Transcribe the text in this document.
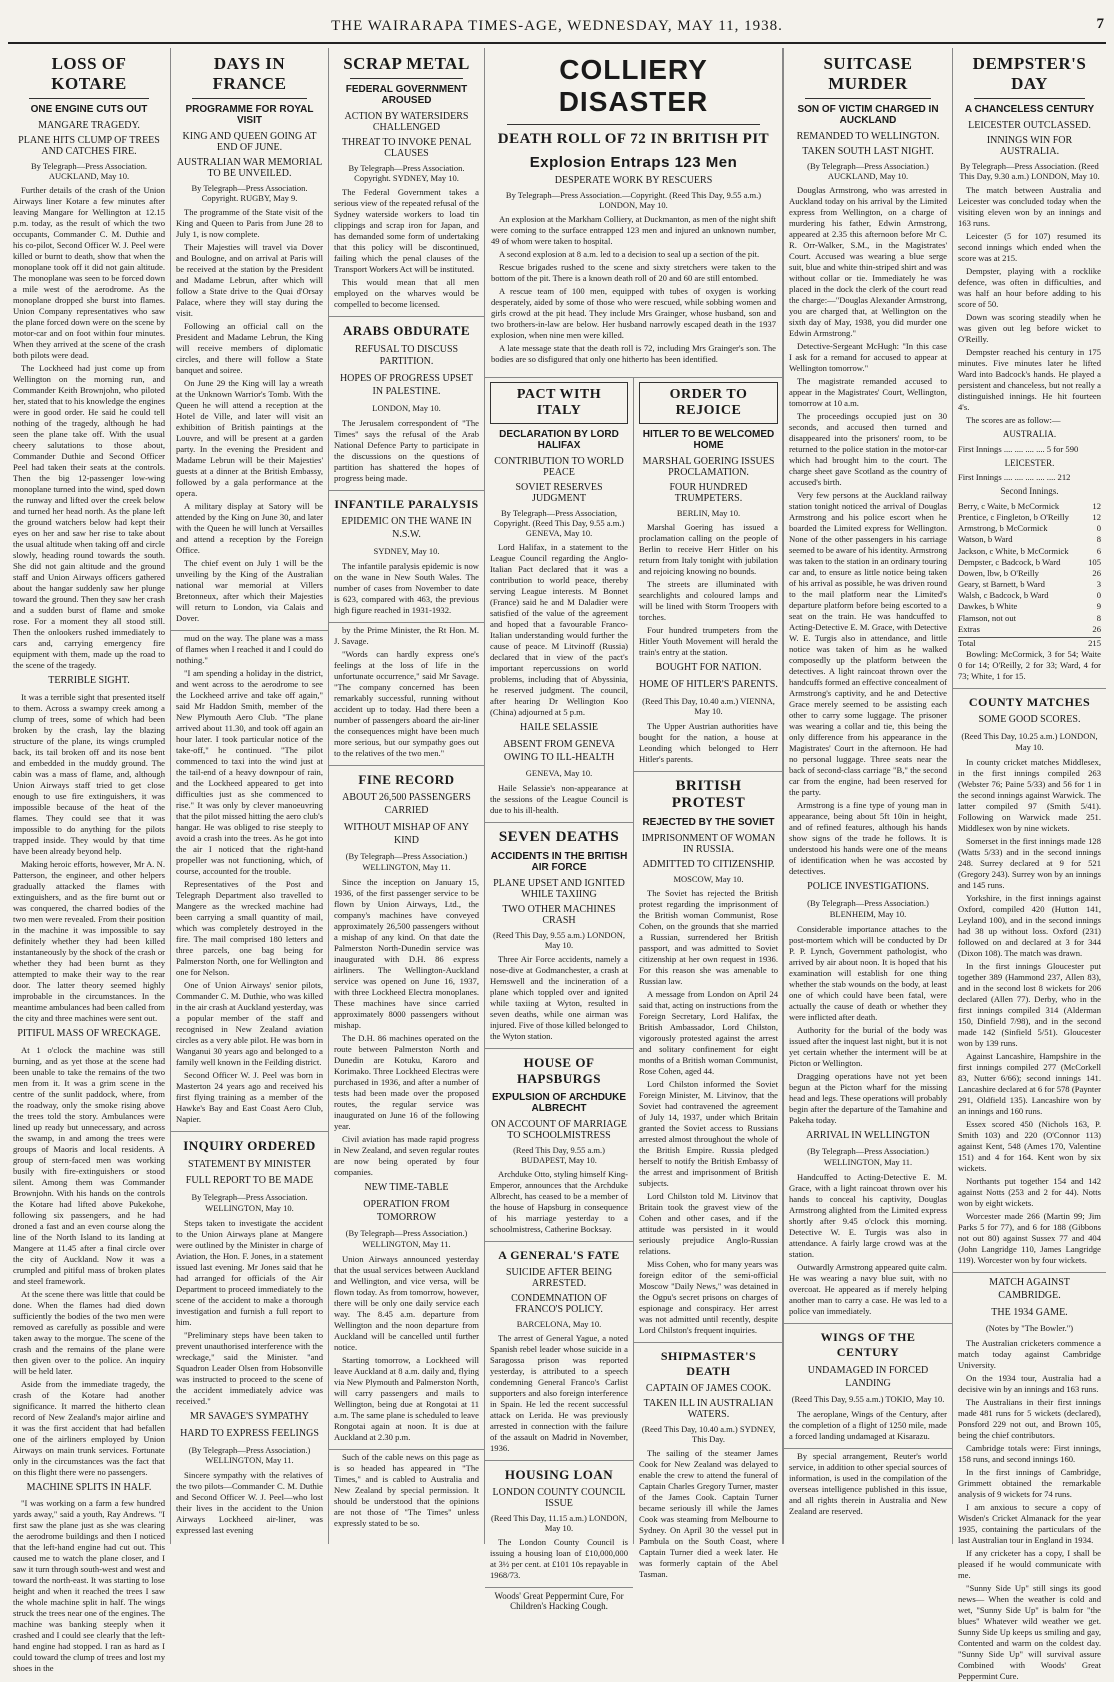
THE WAIRARAPA TIMES-AGE, WEDNESDAY, MAY 11, 1938.	7
LOSS OF KOTARE
ONE ENGINE CUTS OUT
MANGARE TRAGEDY.
PLANE HITS CLUMP OF TREES AND CATCHES FIRE.
By Telegraph—Press Association. AUCKLAND, May 10.

Further details of the crash of the Union Airways liner Kotare a few minutes after leaving Mangare for Wellington at 12.15 p.m. today, as the result of which the two occupants, Commander C. M. Duthie and his co-pilot, Second Officer W. J. Peel were killed or burnt to death, show that when the monoplane took off it did not gain altitude. The monoplane was seen to be forced down a mile west of the aerodrome. As the monoplane dropped she burst into flames. Union Company representatives who saw the plane forced down were on the scene by motor-car and on foot within four minutes. When they arrived at the scene of the crash both pilots were dead.

The Lockheed had just come up from Wellington on the morning run, and Commander Keith Brownjohn, who piloted her, stated that to his knowledge the engines were in good order. He said he could tell nothing of the tragedy, although he had seen the plane take off. With the usual cheery salutations to those about, Commander Duthie and Second Officer Peel had taken their seats at the controls. Then the big 12-passenger low-wing monoplane turned into the wind, sped down the runway and lifted over the creek below and turned her head north. As the plane left the ground watchers below had kept their eyes on her and saw her rise to take about the usual altitude when taking off and circle slowly, heading round towards the south. She did not gain altitude and the ground staff and Union Airways officers gathered about the hangar suddenly saw her plunge toward the ground. Then they saw her crash and a sudden burst of flame and smoke rose. For a moment they all stood still. Then the onlookers rushed immediately to cars and, carrying emergency fire equipment with them, made up the road to the scene of the tragedy.

TERRIBLE SIGHT.

It was a terrible sight that presented itself to them. Across a swampy creek among a clump of trees, some of which had been broken by the crash, lay the blazing structure of the plane, its wings crumpled back, its tail broken off and its nose bent and embedded in the muddy ground. The cabin was a mass of flame, and, although Union Airways staff tried to get close enough to use fire extinguishers, it was impossible because of the heat of the flames. They could see that it was impossible to do anything for the pilots trapped inside. They would by that time have been already beyond help.

Making heroic efforts, however, Mr A. N. Patterson, the engineer, and other helpers gradually attacked the flames with extinguishers, and as the fire burnt out or was conquered, the charred bodies of the two men were revealed. From their position in the machine it was impossible to say definitely whether they had been killed instantaneously by the shock of the crash or whether they had been burnt as they attempted to make their way to the rear door. The latter theory seemed highly improbable in the circumstances. In the meantime ambulances had been called from the city and three machines were sent out.

PITIFUL MASS OF WRECKAGE.

At 1 o'clock the machine was still burning, and as yet those at the scene had been unable to take the remains of the two men from it. It was a grim scene in the centre of the sunlit paddock, where, from the roadway, only the smoke rising above the trees told the story. Ambulances were lined up ready but unnecessary, and across the swamp, in and among the trees were groups of Maoris and local residents. A group of stern-faced men was working busily with fire-extinguishers or stood silent. Among them was Commander Brownjohn. With his hands on the controls the Kotare had lifted above Pukekohe, following six passengers, and he had droned a fast and an even course along the line of the North Island to its landing at Mangere at 11.45 after a final circle over the city of Auckland. Now it was a crumpled and pitiful mass of broken plates and steel framework.

At the scene there was little that could be done. When the flames had died down sufficiently the bodies of the two men were removed as carefully as possible and were taken away to the morgue. The scene of the crash and the remains of the plane were then given over to the police. An inquiry will be held later.

Aside from the immediate tragedy, the crash of the Kotare had another significance. It marred the hitherto clean record of New Zealand's major airline and it was the first accident that had befallen one of the airliners employed by Union Airways on main trunk services. Fortunate only in the circumstances was the fact that on this flight there were no passengers.

MACHINE SPLITS IN HALF.

"I was working on a farm a few hundred yards away," said a youth, Ray Andrews. "I first saw the plane just as she was clearing the aerodrome buildings and then I noticed that the left-hand engine had cut out. This caused me to watch the plane closer, and I saw it turn through south-west and west and toward the north-east. It was starting to lose height and when it reached the trees I saw the whole machine split in half. The wings struck the trees near one of the engines. The machine was banking steeply when it crashed and I could see clearly that the left-hand engine had stopped. I ran as hard as I could toward the clump of trees and lost my shoes in the

DAYS IN FRANCE
PROGRAMME FOR ROYAL VISIT
KING AND QUEEN GOING AT END OF JUNE.
AUSTRALIAN WAR MEMORIAL TO BE UNVEILED.
By Telegraph—Press Association. Copyright. RUGBY, May 9.

The programme of the State visit of the King and Queen to Paris from June 28 to July 1, is now complete.

Their Majesties will travel via Dover and Boulogne, and on arrival at Paris will be received at the station by the President and Madame Lebrun, after which will follow a State drive to the Quai d'Orsay Palace, where they will stay during the visit.

Following an official call on the President and Madame Lebrun, the King will receive members of diplomatic circles, and there will follow a State banquet and soiree.

On June 29 the King will lay a wreath at the Unknown Warrior's Tomb. With the Queen he will attend a reception at the Hotel de Ville, and later will visit an exhibition of British paintings at the Louvre, and will be present at a garden party. In the evening the President and Madame Lebrun will be their Majesties' guests at a dinner at the British Embassy, followed by a gala performance at the opera.

A military display at Satory will be attended by the King on June 30, and later with the Queen he will lunch at Versailles and attend a reception by the Foreign Office.

The chief event on July 1 will be the unveiling by the King of the Australian national war memorial at Villers Bretonneux, after which their Majesties will return to London, via Calais and Dover.

mud on the way. The plane was a mass of flames when I reached it and I could do nothing."

"I am spending a holiday in the district, and went across to the aerodrome to see the Lockheed arrive and take off again," said Mr Haddon Smith, member of the New Plymouth Aero Club. "The plane arrived about 11.30, and took off again an hour later. I took particular notice of the take-off," he continued. "The pilot commenced to taxi into the wind just at the tail-end of a heavy downpour of rain, and the Lockheed appeared to get into difficulties just as she commenced to rise." It was only by clever manoeuvring that the pilot missed hitting the aero club's hangar. He was obliged to rise steeply to avoid a crash into the trees. As he got into the air I noticed that the right-hand propeller was not functioning, which, of course, accounted for the trouble.

Representatives of the Post and Telegraph Department also travelled to Mangere as the wrecked machine had been carrying a small quantity of mail, which was completely destroyed in the fire. The mail comprised 180 letters and three parcels, one bag being for Palmerston North, one for Wellington and one for Nelson.

One of Union Airways' senior pilots, Commander C. M. Duthie, who was killed in the air crash at Auckland yesterday, was a popular member of the staff and recognised in New Zealand aviation circles as a very able pilot. He was born in Wanganui 30 years ago and belonged to a family well known in the Feilding district.

Second Officer W. J. Peel was born in Masterton 24 years ago and received his first flying training as a member of the Hawke's Bay and East Coast Aero Club, Napier.

INQUIRY ORDERED
STATEMENT BY MINISTER
FULL REPORT TO BE MADE
By Telegraph—Press Association. WELLINGTON, May 10.

Steps taken to investigate the accident to the Union Airways plane at Mangere were outlined by the Minister in charge of Aviation, the Hon. F. Jones, in a statement issued last evening. Mr Jones said that he had arranged for officials of the Air Department to proceed immediately to the scene of the accident to make a thorough investigation and furnish a full report to him.

"Preliminary steps have been taken to prevent unauthorised interference with the wreckage," said the Minister. "and Squadron Leader Olsen from Hobsonville was instructed to proceed to the scene of the accident immediately advice was received."

MR SAVAGE'S SYMPATHY
HARD TO EXPRESS FEELINGS
(By Telegraph—Press Association.) WELLINGTON, May 11.

Sincere sympathy with the relatives of the two pilots—Commander C. M. Duthie and Second Officer W. J. Peel—who lost their lives in the accident to the Union Airways Lockheed air-liner, was expressed last evening

SCRAP METAL
FEDERAL GOVERNMENT AROUSED
ACTION BY WATERSIDERS CHALLENGED
THREAT TO INVOKE PENAL CLAUSES
By Telegraph—Press Association. Copyright. SYDNEY, May 10.

The Federal Government takes a serious view of the repeated refusal of the Sydney waterside workers to load tin clippings and scrap iron for Japan, and has demanded some form of undertaking that this policy will be discontinued, failing which the penal clauses of the Transport Workers Act will be instituted.

This would mean that all men employed on the wharves would be compelled to become licensed.

ARABS OBDURATE
REFUSAL TO DISCUSS PARTITION.
HOPES OF PROGRESS UPSET IN PALESTINE.
LONDON, May 10.

The Jerusalem correspondent of "The Times" says the refusal of the Arab National Defence Party to participate in the discussions on the questions of partition has shattered the hopes of progress being made.

INFANTILE PARALYSIS
EPIDEMIC ON THE WANE IN N.S.W.
SYDNEY, May 10.

The infantile paralysis epidemic is now on the wane in New South Wales. The number of cases from November to date is 623, compared with 463, the previous high figure reached in 1931-1932.

by the Prime Minister, the Rt Hon. M. J. Savage.

"Words can hardly express one's feelings at the loss of life in the unfortunate occurrence," said Mr Savage. "The company concerned has been remarkably successful, running without accident up to today. Had there been a number of passengers aboard the air-liner the consequences might have been much more serious, but our sympathy goes out to the relatives of the two men."

FINE RECORD
ABOUT 26,500 PASSENGERS CARRIED
WITHOUT MISHAP OF ANY KIND
(By Telegraph—Press Association.) WELLINGTON, May 11.

Since the inception on January 15, 1936, of the first passenger service to be flown by Union Airways, Ltd., the company's machines have conveyed approximately 26,500 passengers without a mishap of any kind. On that date the Palmerston North-Dunedin service was inaugurated with D.H. 86 express airliners. The Wellington-Auckland service was opened on June 16, 1937, with three Lockheed Electra monoplanes. These machines have since carried approximately 8000 passengers without mishap.

The D.H. 86 machines operated on the route between Palmerston North and Dunedin are Kotuku, Karoro and Korimako. Three Lockheed Electras were purchased in 1936, and after a number of tests had been made over the proposed routes, the regular service was inaugurated on June 16 of the following year.

Civil aviation has made rapid progress in New Zealand, and seven regular routes are now being operated by four companies.

NEW TIME-TABLE
OPERATION FROM TOMORROW
(By Telegraph—Press Association.) WELLINGTON, May 11.

Union Airways announced yesterday that the usual services between Auckland and Wellington, and vice versa, will be flown today. As from tomorrow, however, there will be only one daily service each way. The 8.45 a.m. departure from Wellington and the noon departure from Auckland will be cancelled until further notice.

Starting tomorrow, a Lockheed will leave Auckland at 8 a.m. daily and, flying via New Plymouth and Palmerston North, will carry passengers and mails to Wellington, being due at Rongotai at 11 a.m. The same plane is scheduled to leave Rongotai again at noon. It is due at Auckland at 2.30 p.m.

Such of the cable news on this page as is so headed has appeared in "The Times," and is cabled to Australia and New Zealand by special permission. It should be understood that the opinions are not those of "The Times" unless expressly stated to be so.

COLLIERY DISASTER
DEATH ROLL OF 72 IN BRITISH PIT
Explosion Entraps 123 Men
DESPERATE WORK BY RESCUERS
By Telegraph—Press Association.—Copyright. (Reed This Day, 9.55 a.m.) LONDON, May 10.

An explosion at the Markham Colliery, at Duckmanton, as men of the night shift were coming to the surface entrapped 123 men and injured an unknown number, 49 of whom were taken to hospital.

A second explosion at 8 a.m. led to a decision to seal up a section of the pit.

Rescue brigades rushed to the scene and sixty stretchers were taken to the bottom of the pit. There is a known death roll of 20 and 60 are still entombed.

A rescue team of 100 men, equipped with tubes of oxygen is working desperately, aided by some of those who were rescued, while sobbing women and girls crowd at the pit head. They include Mrs Grainger, whose husband, son and two brothers-in-law are below. Her husband narrowly escaped death in the 1937 explosion, when nine men were killed.

A late message state that the death roll is 72, including Mrs Grainger's son. The bodies are so disfigured that only one hitherto has been identified.

PACT WITH ITALY
DECLARATION BY LORD HALIFAX
CONTRIBUTION TO WORLD PEACE
SOVIET RESERVES JUDGMENT
By Telegraph—Press Association, Copyright. (Reed This Day, 9.55 a.m.) GENEVA, May 10.

Lord Halifax, in a statement to the League Council regarding the Anglo-Italian Pact declared that it was a contribution to world peace, thereby serving League interests. M Bonnet (France) said he and M Daladier were satisfied of the value of the agreement and hoped that a favourable Franco-Italian understanding would further the cause of peace. M Litvinoff (Russia) declared that in view of the pact's important repercussions on world problems, including that of Abyssinia, he reserved judgment. The council, after hearing Dr Wellington Koo (China) adjourned at 5 p.m.

HAILE SELASSIE
ABSENT FROM GENEVA OWING TO ILL-HEALTH
GENEVA, May 10.

Haile Selassie's non-appearance at the sessions of the League Council is due to his ill-health.

SEVEN DEATHS
ACCIDENTS IN THE BRITISH AIR FORCE
PLANE UPSET AND IGNITED WHILE TAXIING
TWO OTHER MACHINES CRASH
(Reed This Day, 9.55 a.m.) LONDON, May 10.

Three Air Force accidents, namely a nose-dive at Godmanchester, a crash at Hemswell and the incineration of a plane which toppled over and ignited while taxiing at Wyton, resulted in seven deaths, while one airman was injured. Five of those killed belonged to the Wyton station.

HOUSE OF HAPSBURGS
EXPULSION OF ARCHDUKE ALBRECHT
ON ACCOUNT OF MARRIAGE TO SCHOOLMISTRESS
(Reed This Day, 9.55 a.m.) BUDAPEST, May 10.

Archduke Otto, styling himself King-Emperor, announces that the Archduke Albrecht, has ceased to be a member of the house of Hapsburg in consequence of his marriage yesterday to a schoolmistress, Catherine Bocksay.

A GENERAL'S FATE
SUICIDE AFTER BEING ARRESTED.
CONDEMNATION OF FRANCO'S POLICY.
BARCELONA, May 10.

The arrest of General Yague, a noted Spanish rebel leader whose suicide in a Saragossa prison was reported yesterday, is attributed to a speech condemning General Franco's Carlist supporters and also foreign interference in Spain. He led the recent successful attack on Lerida. He was previously arrested in connection with the failure of the assault on Madrid in November, 1936.

HOUSING LOAN
LONDON COUNTY COUNCIL ISSUE
(Reed This Day, 11.15 a.m.) LONDON, May 10.

The London County Council is issuing a housing loan of £10,000,000 at 3½ per cent. at £101 10s repayable in 1968/73.

Woods' Great Peppermint Cure, For Children's Hacking Cough.
ORDER TO REJOICE
HITLER TO BE WELCOMED HOME
MARSHAL GOERING ISSUES PROCLAMATION.
FOUR HUNDRED TRUMPETERS.
BERLIN, May 10.

Marshal Goering has issued a proclamation calling on the people of Berlin to receive Herr Hitler on his return from Italy tonight with jubilation and rejoicing knowing no bounds.

The streets are illuminated with searchlights and coloured lamps and will be lined with Storm Troopers with torches.

Four hundred trumpeters from the Hitler Youth Movement will herald the train's entry at the station.

BOUGHT FOR NATION.
HOME OF HITLER'S PARENTS.
(Reed This Day, 10.40 a.m.) VIENNA, May 10.

The Upper Austrian authorities have bought for the nation, a house at Leonding which belonged to Herr Hitler's parents.

BRITISH PROTEST
REJECTED BY THE SOVIET
IMPRISONMENT OF WOMAN IN RUSSIA.
ADMITTED TO CITIZENSHIP.
MOSCOW, May 10.

The Soviet has rejected the British protest regarding the imprisonment of the British woman Communist, Rose Cohen, on the grounds that she married a Russian, surrendered her British passport, and was admitted to Soviet citizenship at her own request in 1936. For this reason she was amenable to Russian law.

A message from London on April 24 said that, acting on instructions from the Foreign Secretary, Lord Halifax, the British Ambassador, Lord Chilston, vigorously protested against the arrest and solitary confinement for eight months of a British woman Communist, Rose Cohen, aged 44.

Lord Chilston informed the Soviet Foreign Minister, M. Litvinov, that the Soviet had contravened the agreement of July 14, 1937, under which Britain granted the Soviet access to Russians arrested almost throughout the whole of the British Empire. Russia pledged herself to notify the British Embassy of the arrest and imprisonment of British subjects.

Lord Chilston told M. Litvinov that Britain took the gravest view of the Cohen and other cases, and if the attitude was persisted in it would seriously prejudice Anglo-Russian relations.

Miss Cohen, who for many years was foreign editor of the semi-official Moscow "Daily News," was detained in the Ogpu's secret prisons on charges of espionage and conspiracy. Her arrest was not admitted until recently, despite Lord Chilston's frequent inquiries.

SHIPMASTER'S DEATH
CAPTAIN OF JAMES COOK.
TAKEN ILL IN AUSTRALIAN WATERS.
(Reed This Day, 10.40 a.m.) SYDNEY, This Day.

The sailing of the steamer James Cook for New Zealand was delayed to enable the crew to attend the funeral of Captain Charles Gregory Turner, master of the James Cook. Captain Turner became seriously ill while the James Cook was steaming from Melbourne to Sydney. On April 30 the vessel put in Pambula on the South Coast, where Captain Turner died a week later. He was formerly captain of the Abel Tasman.

SUITCASE MURDER
SON OF VICTIM CHARGED IN AUCKLAND
REMANDED TO WELLINGTON.
TAKEN SOUTH LAST NIGHT.
(By Telegraph—Press Association.) AUCKLAND, May 10.

Douglas Armstrong, who was arrested in Auckland today on his arrival by the Limited express from Wellington, on a charge of murdering his father, Edwin Armstrong, appeared at 2.35 this afternoon before Mr C. R. Orr-Walker, S.M., in the Magistrates' Court. Accused was wearing a blue serge suit, blue and white thin-striped shirt and was without collar or tie. Immediately he was placed in the dock the clerk of the court read the charge:—"Douglas Alexander Armstrong, you are charged that, at Wellington on the sixth day of May, 1938, you did murder one Edwin Armstrong."

Detective-Sergeant McHugh: "In this case I ask for a remand for accused to appear at Wellington tomorrow."

The magistrate remanded accused to appear in the Magistrates' Court, Wellington, tomorrow at 10 a.m.

The proceedings occupied just on 30 seconds, and accused then turned and disappeared into the prisoners' room, to be returned to the police station in the motor-car which had brought him to the court. The charge sheet gave Scotland as the country of accused's birth.

Very few persons at the Auckland railway station tonight noticed the arrival of Douglas Armstrong and his police escort when he boarded the Limited express for Wellington. None of the other passengers in his carriage seemed to be aware of his identity. Armstrong was taken to the station in an ordinary touring car and, to ensure as little notice being taken of his arrival as possible, he was driven round to the mail platform near the Limited's departure platform before being escorted to a seat on the train. He was handcuffed to Acting-Detective E. M. Grace, with Detective W. E. Turgis also in attendance, and little notice was taken of him as he walked composedly up the platform between the detectives. A light raincoat thrown over the handcuffs formed an effective concealment of Armstrong's captivity, and he and Detective Grace merely seemed to be assisting each other to carry some luggage. The prisoner was wearing a collar and tie, this being the only difference from his appearance in the Magistrates' Court in the afternoon. He had no personal luggage. Three seats near the back of second-class carriage "B," the second car from the engine, had been reserved for the party.

Armstrong is a fine type of young man in appearance, being about 5ft 10in in height, and of refined features, although his hands show signs of the trade he follows. It is understood his hands were one of the means of identification when he was accosted by detectives.

POLICE INVESTIGATIONS.
(By Telegraph—Press Association.) BLENHEIM, May 10.

Considerable importance attaches to the post-mortem which will be conducted by Dr P. P. Lynch, Government pathologist, who arrived by air about noon. It is hoped that his examination will establish for one thing whether the stab wounds on the body, at least one of which could have been fatal, were actually the cause of death or whether they were inflicted after death.

Authority for the burial of the body was issued after the inquest last night, but it is not yet certain whether the interment will be at Picton or Wellington.

Dragging operations have not yet been begun at the Picton wharf for the missing head and legs. These operations will probably begin after the departure of the Tamahine and Pakeha today.

ARRIVAL IN WELLINGTON
(By Telegraph—Press Association.) WELLINGTON, May 11.

Handcuffed to Acting-Detective E. M. Grace, with a light raincoat thrown over his hands to conceal his captivity, Douglas Armstrong alighted from the Limited express shortly after 9.45 o'clock this morning. Detective W. E. Turgis was also in attendance. A fairly large crowd was at the station.

Outwardly Armstrong appeared quite calm. He was wearing a navy blue suit, with no overcoat. He appeared as if merely helping another man to carry a case. He was led to a police van immediately.

WINGS OF THE CENTURY
UNDAMAGED IN FORCED LANDING
(Reed This Day, 9.55 a.m.) TOKIO, May 10.

The aeroplane, Wings of the Century, after the completion of a flight of 1250 mile, made a forced landing undamaged at Kisarazu.

By special arrangement, Reuter's world service, in addition to other special sources of information, is used in the compilation of the overseas intelligence published in this issue, and all rights therein in Australia and New Zealand are reserved.

DEMPSTER'S DAY
A CHANCELESS CENTURY
LEICESTER OUTCLASSED.
INNINGS WIN FOR AUSTRALIA.
By Telegraph—Press Association. (Reed This Day, 9.30 a.m.) LONDON, May 10.

The match between Australia and Leicester was concluded today when the visiting eleven won by an innings and 163 runs.

Leicester (5 for 107) resumed its second innings which ended when the score was at 215.

Dempster, playing with a rocklike defence, was often in difficulties, and was half an hour before adding to his score of 50.

Down was scoring steadily when he was given out leg before wicket to O'Reilly.

Dempster reached his century in 175 minutes. Five minutes later he lifted Ward into Badcock's hands. He played a persistent and chanceless, but not really a distinguished innings. He hit fourteen 4's.

The scores are as follow:—

AUSTRALIA.
First Innings .... .... .... .... 5 for 590
LEICESTER.
First Innings .... .... .... .... .... 212
Second Innings.
Berry, c Waite, b McCormick	12
Prentice, c Fingleton, b O'Reilly	12
Armstrong, b McCormick	0
Watson, b Ward	8
Jackson, c White, b McCormick	6
Dempster, c Badcock, b Ward	105
Dowen, lbw, b O'Reilly	26
Geary, st Barnett, b Ward	3
Walsh, c Badcock, b Ward	0
Dawkes, b White	9
Flamson, not out	8
Extras	26
Total	215

Bowling: McCormick, 3 for 54; Waite 0 for 14; O'Reilly, 2 for 33; Ward, 4 for 73; White, 1 for 15.

COUNTY MATCHES
SOME GOOD SCORES.
(Reed This Day, 10.25 a.m.) LONDON, May 10.

In county cricket matches Middlesex, in the first innings compiled 263 (Webster 76; Paine 5/33) and 56 for 1 in the second innings against Warwick. The latter compiled 97 (Smith 5/41). Following on Warwick made 251. Middlesex won by nine wickets.

Somerset in the first innings made 128 (Watts 5/33) and in the second innings 248. Surrey declared at 9 for 521 (Gregory 243). Surrey won by an innings and 145 runs.

Yorkshire, in the first innings against Oxford, compiled 420 (Hutton 141, Leyland 100), and in the second innings had 38 up without loss. Oxford (231) followed on and declared at 3 for 344 (Dixon 108). The match was drawn.

In the first innings Gloucester put together 389 (Hammond 237, Allen 83), and in the second lost 8 wickets for 206 declared (Allen 77). Derby, who in the first innings compiled 314 (Alderman 150, Dinfield 7/98), and in the second made 142 (Sinfield 5/51). Gloucester won by 139 runs.

Against Lancashire, Hampshire in the first innings compiled 277 (McCorkell 83, Nutter 6/66); second innings 141. Lancashire declared at 6 for 578 (Paynter 291, Oldfield 135). Lancashire won by an innings and 160 runs.

Essex scored 450 (Nichols 163, P. Smith 103) and 220 (O'Connor 113) against Kent, 548 (Ames 170, Valentine 151) and 4 for 164. Kent won by six wickets.

Northants put together 154 and 142 against Notts (253 and 2 for 44). Notts won by eight wickets.

Worcester made 266 (Martin 99; Jim Parks 5 for 77), and 6 for 188 (Gibbons not out 80) against Sussex 77 and 404 (John Langridge 110, James Langridge 119). Worcester won by four wickets.

MATCH AGAINST CAMBRIDGE.
THE 1934 GAME.
(Notes by "The Bowler.")

The Australian cricketers commence a match today against Cambridge University.

On the 1934 tour, Australia had a decisive win by an innings and 163 runs.

The Australians in their first innings made 481 runs for 5 wickets (declared), Ponsford 229 not out, and Brown 105, being the chief contributors.

Cambridge totals were: First innings, 158 runs, and second innings 160.

In the first innings of Cambridge, Grimmett obtained the remarkable analysis of 9 wickets for 74 runs.

I am anxious to secure a copy of Wisden's Cricket Almanack for the year 1935, containing the particulars of the last Australian tour in England in 1934.

If any cricketer has a copy, I shall be pleased if he would communicate with me.

"Sunny Side Up" still sings its good news— When the weather is cold and wet, "Sunny Side Up" is balm for "the blues" Whatever wild weather we get. Sunny Side Up keeps us smiling and gay, Contented and warm on the coldest day. "Sunny Side Up" will survival assure Combined with Woods' Great Peppermint Cure.
